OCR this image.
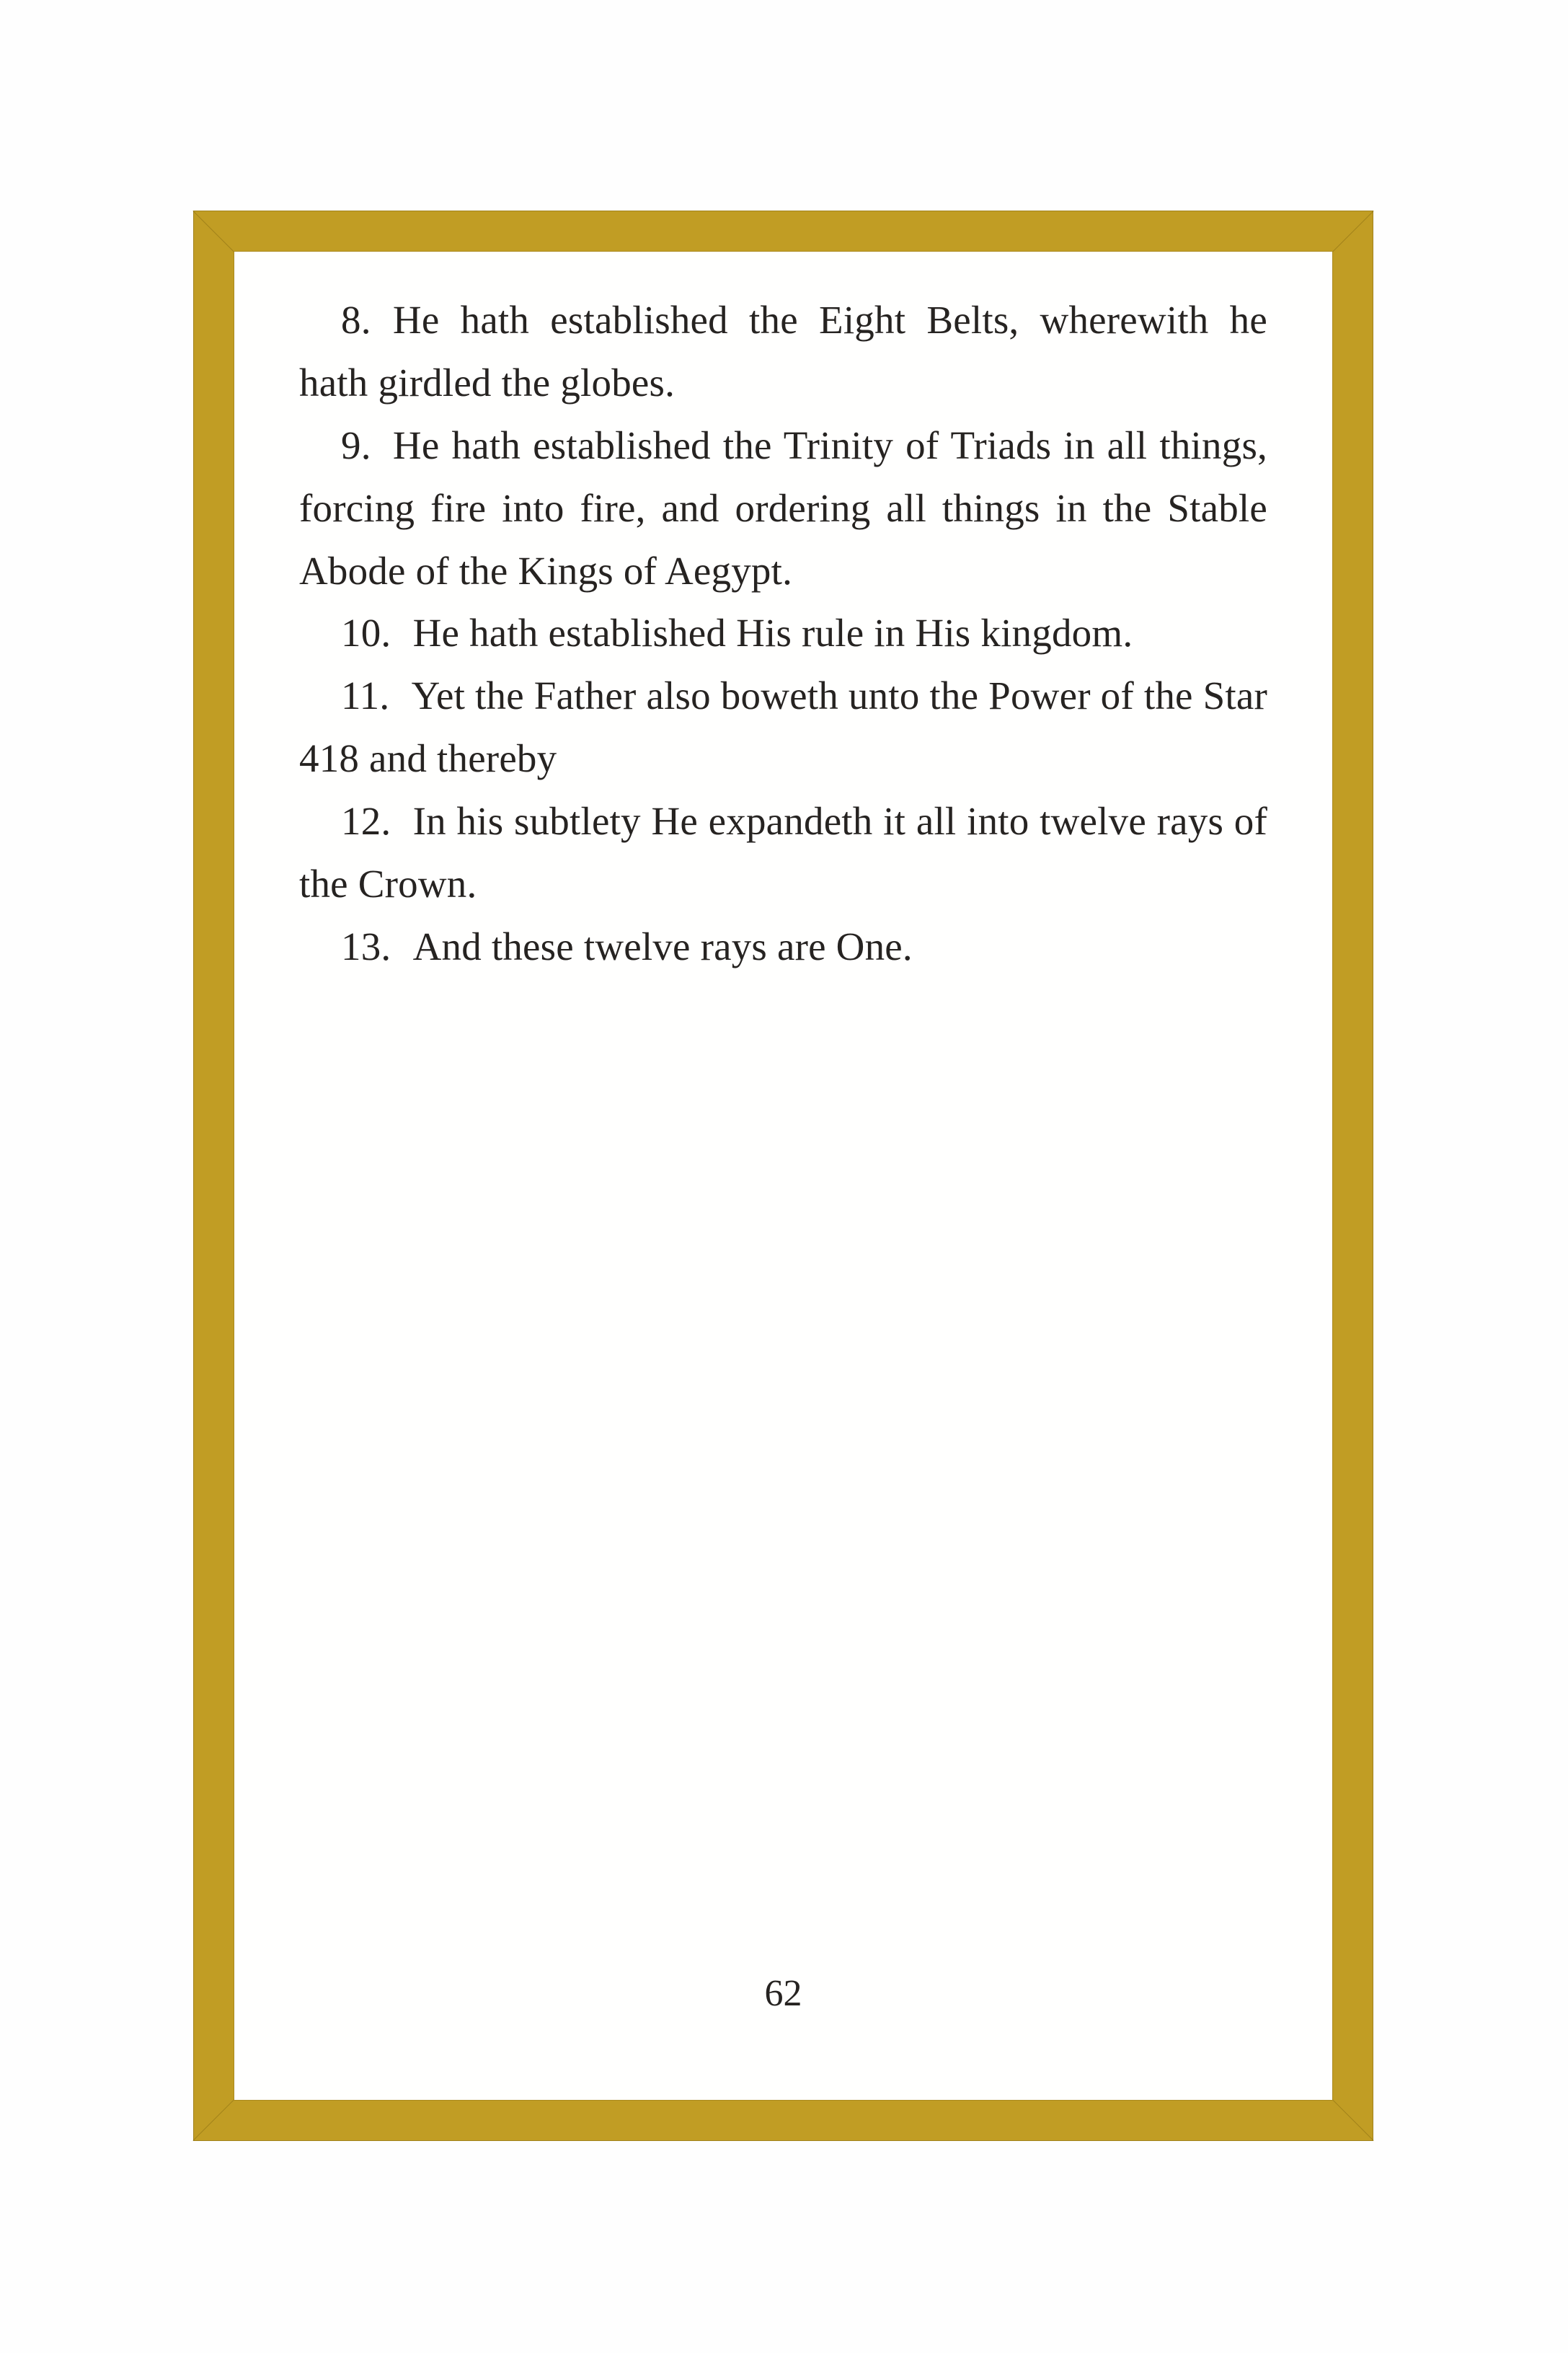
8. He hath established the Eight Belts, wherewith he hath girdled the globes.

9. He hath established the Trinity of Triads in all things, forcing fire into fire, and ordering all things in the Stable Abode of the Kings of Aegypt.

10. He hath established His rule in His kingdom.

11. Yet the Father also boweth unto the Power of the Star 418 and thereby

12. In his subtlety He expandeth it all into twelve rays of the Crown.

13. And these twelve rays are One.

62
